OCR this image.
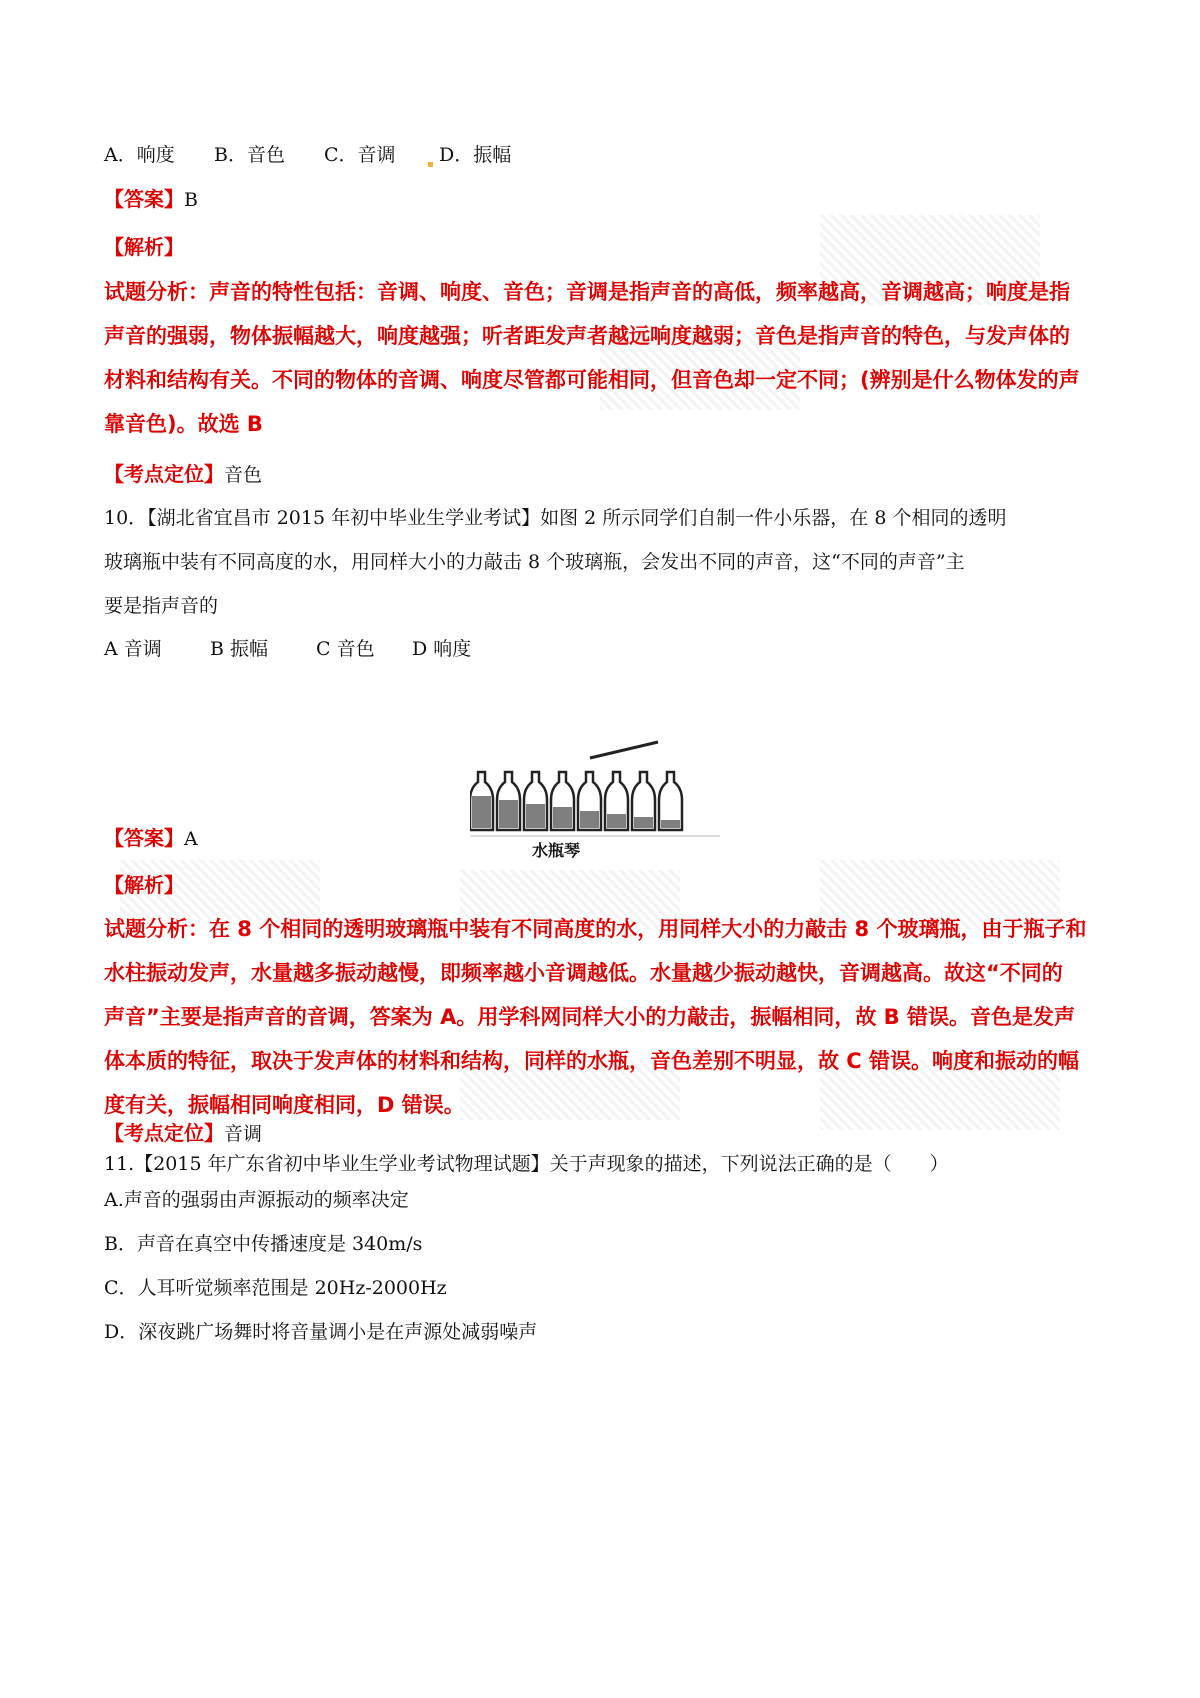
A．响度 B．音色 C．音调 D．振幅
【答案】B
【解析】
试题分析：声音的特性包括：音调、响度、音色；音调是指声音的高低，频率越高，音调越高；响度是指
声音的强弱，物体振幅越大，响度越强；听者距发声者越远响度越弱；音色是指声音的特色，与发声体的
材料和结构有关。不同的物体的音调、响度尽管都可能相同，但音色却一定不同；(辨别是什么物体发的声
靠音色)。故选 B
【考点定位】音色
10．【湖北省宜昌市 2015 年初中毕业生学业考试】如图 2 所示同学们自制一件小乐器，在 8 个相同的透明
玻璃瓶中装有不同高度的水，用同样大小的力敲击 8 个玻璃瓶，会发出不同的声音，这“不同的声音”主
要是指声音的
A 音调	B 振幅	C 音色 D 响度
水瓶琴
【答案】A
【解析】
试题分析：在 8 个相同的透明玻璃瓶中装有不同高度的水，用同样大小的力敲击 8 个玻璃瓶，由于瓶子和
水柱振动发声，水量越多振动越慢，即频率越小音调越低。水量越少振动越快，音调越高。故这“不同的
声音”主要是指声音的音调，答案为 A。用学科网同样大小的力敲击，振幅相同，故 B 错误。音色是发声
体本质的特征，取决于发声体的材料和结构，同样的水瓶，音色差别不明显，故 C 错误。响度和振动的幅
度有关，振幅相同响度相同，D 错误。
【考点定位】音调
11.【2015 年广东省初中毕业生学业考试物理试题】关于声现象的描述，下列说法正确的是（　　）
A.声音的强弱由声源振动的频率决定
B．声音在真空中传播速度是 340m/s
C．人耳听觉频率范围是 20Hz-2000Hz
D．深夜跳广场舞时将音量调小是在声源处减弱噪声
